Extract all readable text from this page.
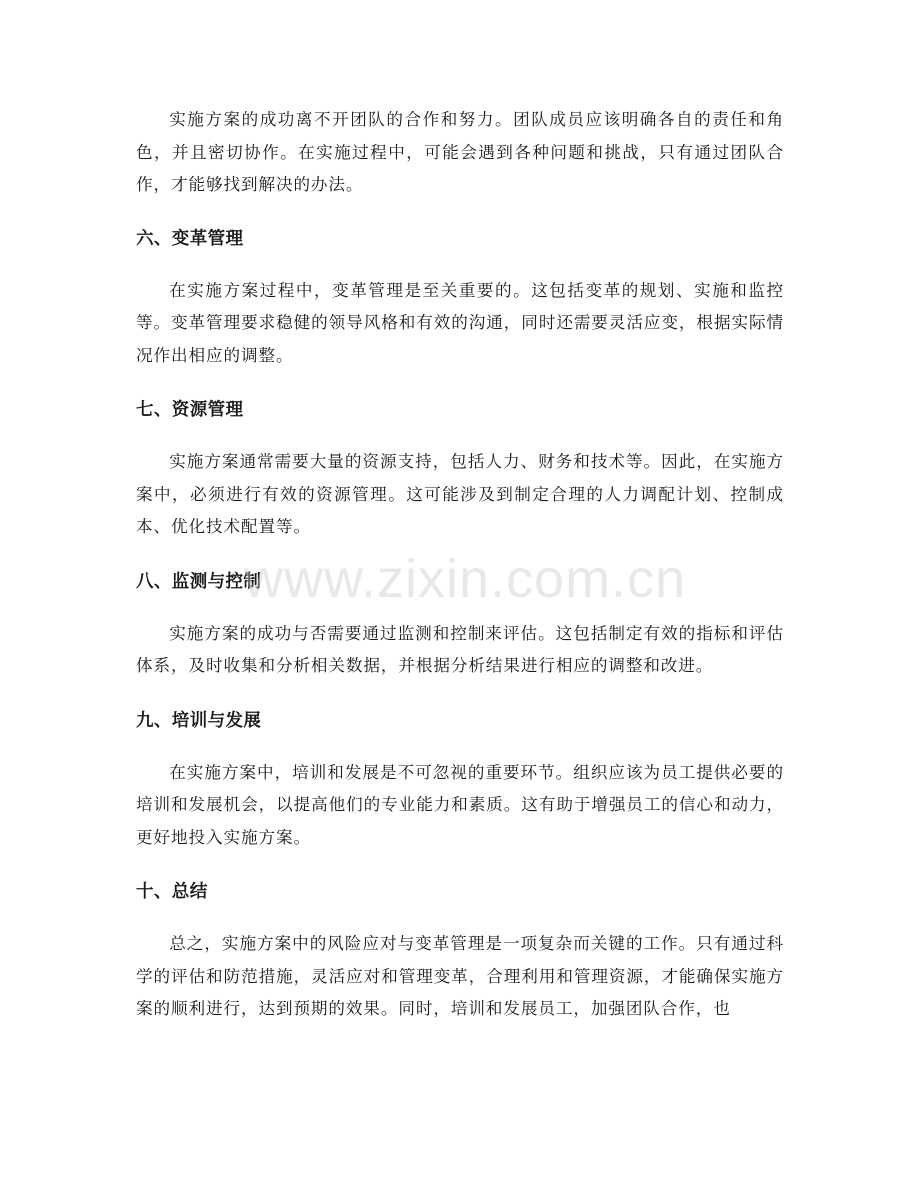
实施方案的成功离不开团队的合作和努力。团队成员应该明确各自的责任和角色，并且密切协作。在实施过程中，可能会遇到各种问题和挑战，只有通过团队合作，才能够找到解决的办法。

六、变革管理

在实施方案过程中，变革管理是至关重要的。这包括变革的规划、实施和监控等。变革管理要求稳健的领导风格和有效的沟通，同时还需要灵活应变，根据实际情况作出相应的调整。

七、资源管理

实施方案通常需要大量的资源支持，包括人力、财务和技术等。因此，在实施方案中，必须进行有效的资源管理。这可能涉及到制定合理的人力调配计划、控制成本、优化技术配置等。

八、监测与控制

实施方案的成功与否需要通过监测和控制来评估。这包括制定有效的指标和评估体系，及时收集和分析相关数据，并根据分析结果进行相应的调整和改进。

九、培训与发展

在实施方案中，培训和发展是不可忽视的重要环节。组织应该为员工提供必要的培训和发展机会，以提高他们的专业能力和素质。这有助于增强员工的信心和动力，更好地投入实施方案。

十、总结

总之，实施方案中的风险应对与变革管理是一项复杂而关键的工作。只有通过科学的评估和防范措施，灵活应对和管理变革，合理利用和管理资源，才能确保实施方案的顺利进行，达到预期的效果。同时，培训和发展员工，加强团队合作，也

www.zixin.com.cn
